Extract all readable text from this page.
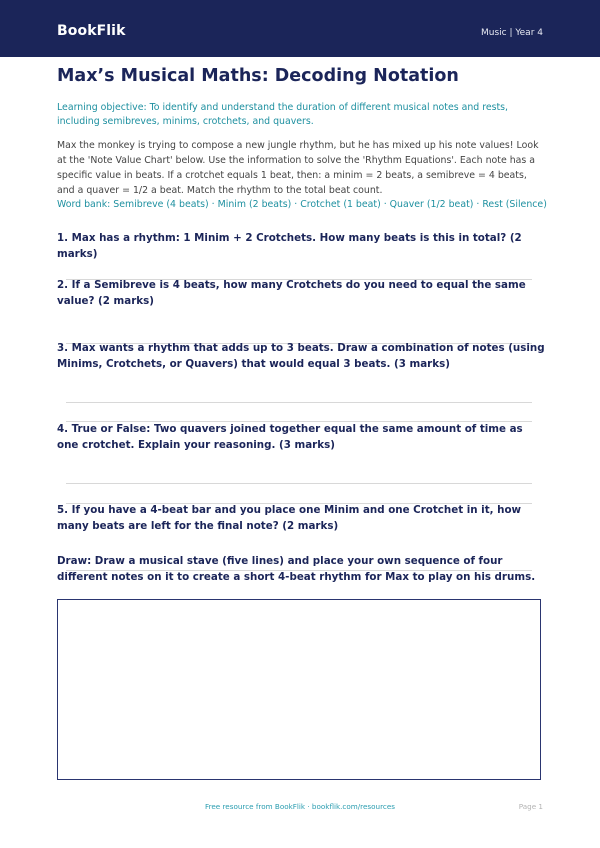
BookFlik	Music | Year 4
Max’s Musical Maths: Decoding Notation
Learning objective: To identify and understand the duration of different musical notes and rests, including semibreves, minims, crotchets, and quavers.
Max the monkey is trying to compose a new jungle rhythm, but he has mixed up his note values! Look at the 'Note Value Chart' below. Use the information to solve the 'Rhythm Equations'. Each note has a specific value in beats. If a crotchet equals 1 beat, then: a minim = 2 beats, a semibreve = 4 beats, and a quaver = 1/2 a beat. Match the rhythm to the total beat count.
Word bank: Semibreve (4 beats) · Minim (2 beats) · Crotchet (1 beat) · Quaver (1/2 beat) · Rest (Silence)
1. Max has a rhythm: 1 Minim + 2 Crotchets. How many beats is this in total? (2 marks)
2. If a Semibreve is 4 beats, how many Crotchets do you need to equal the same value? (2 marks)
3. Max wants a rhythm that adds up to 3 beats. Draw a combination of notes (using Minims, Crotchets, or Quavers) that would equal 3 beats. (3 marks)
4. True or False: Two quavers joined together equal the same amount of time as one crotchet. Explain your reasoning. (3 marks)
5. If you have a 4-beat bar and you place one Minim and one Crotchet in it, how many beats are left for the final note? (2 marks)
Draw: Draw a musical stave (five lines) and place your own sequence of four different notes on it to create a short 4-beat rhythm for Max to play on his drums.
Free resource from BookFlik · bookflik.com/resources	Page 1
